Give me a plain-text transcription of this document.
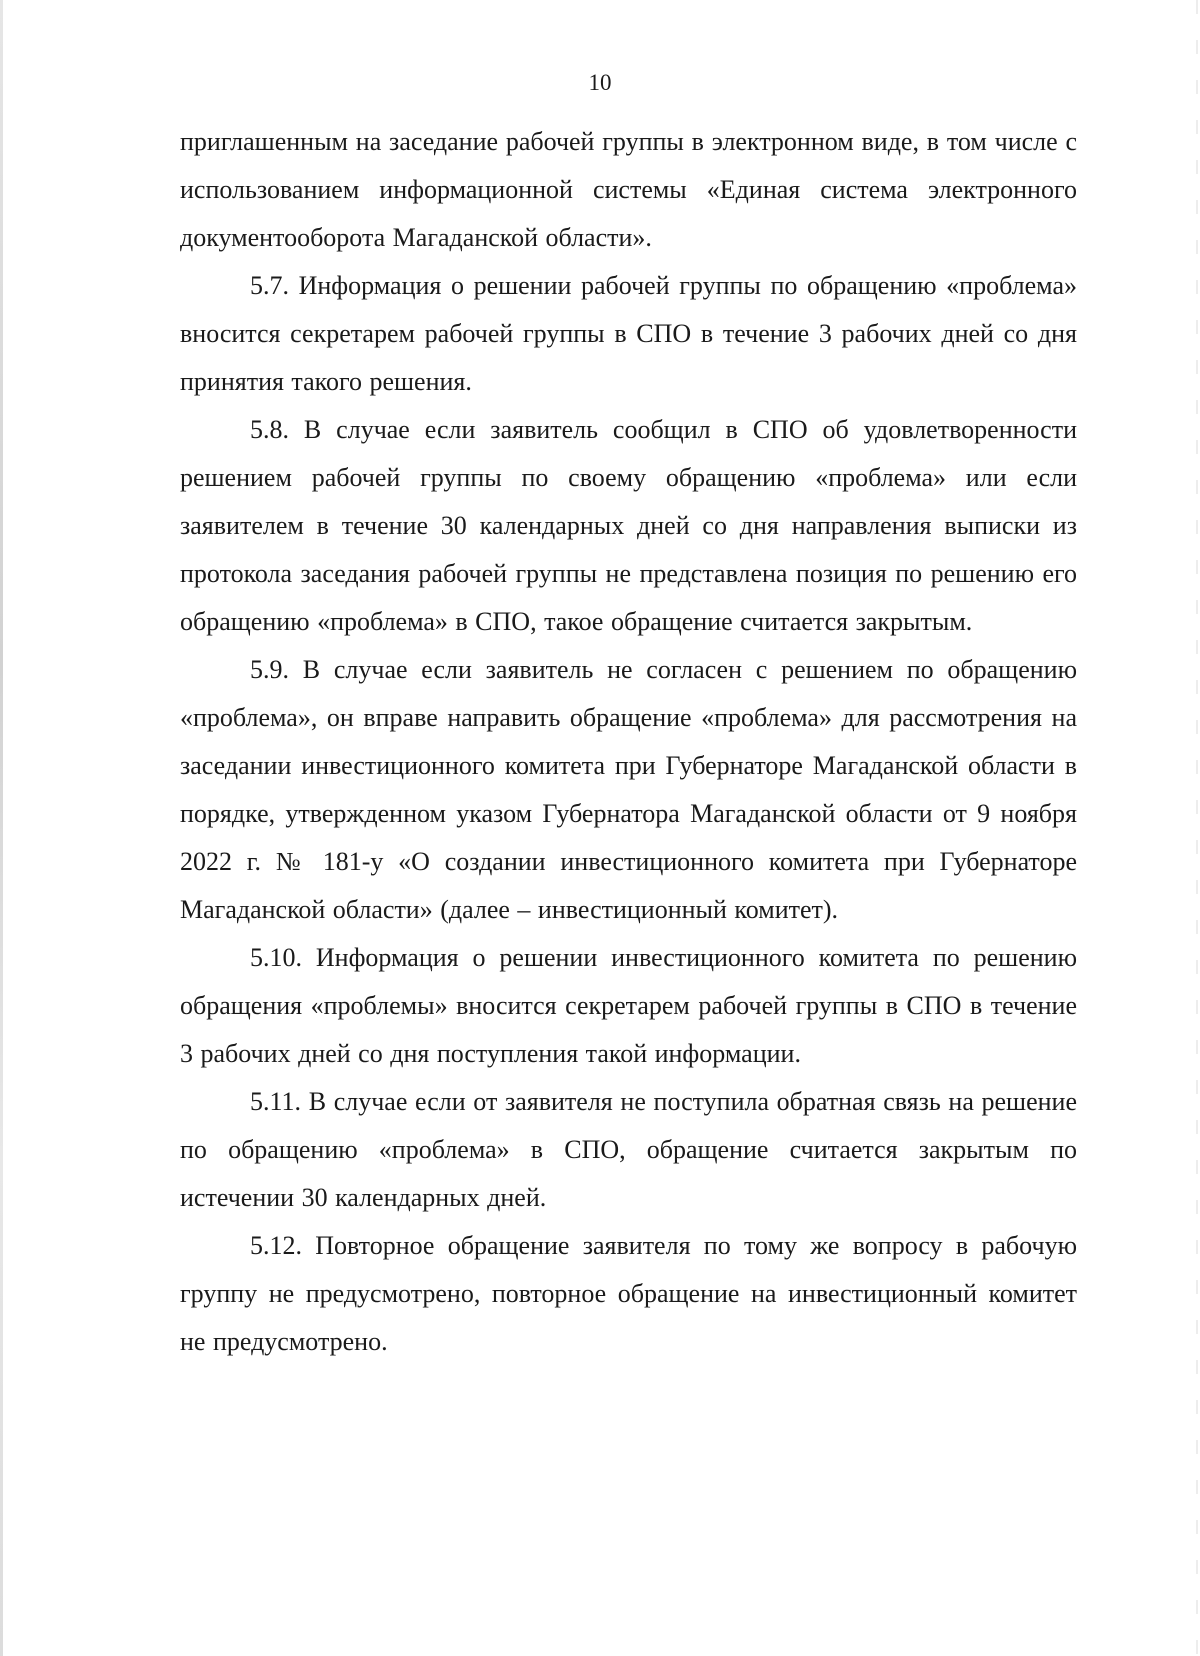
10

приглашенным на заседание рабочей группы в электронном виде, в том числе с использованием информационной системы «Единая система электронного документооборота Магаданской области».

5.7. Информация о решении рабочей группы по обращению «проблема» вносится секретарем рабочей группы в СПО в течение 3 рабочих дней со дня принятия такого решения.

5.8. В случае если заявитель сообщил в СПО об удовлетворенности решением рабочей группы по своему обращению «проблема» или если заявителем в течение 30 календарных дней со дня направления выписки из протокола заседания рабочей группы не представлена позиция по решению его обращению «проблема» в СПО, такое обращение считается закрытым.

5.9. В случае если заявитель не согласен с решением по обращению «проблема», он вправе направить обращение «проблема» для рассмотрения на заседании инвестиционного комитета при Губернаторе Магаданской области в порядке, утвержденном указом Губернатора Магаданской области от 9 ноября 2022 г. № 181-у «О создании инвестиционного комитета при Губернаторе Магаданской области» (далее – инвестиционный комитет).

5.10. Информация о решении инвестиционного комитета по решению обращения «проблемы» вносится секретарем рабочей группы в СПО в течение 3 рабочих дней со дня поступления такой информации.

5.11. В случае если от заявителя не поступила обратная связь на решение по обращению «проблема» в СПО, обращение считается закрытым по истечении 30 календарных дней.

5.12. Повторное обращение заявителя по тому же вопросу в рабочую группу не предусмотрено, повторное обращение на инвестиционный комитет не предусмотрено.
